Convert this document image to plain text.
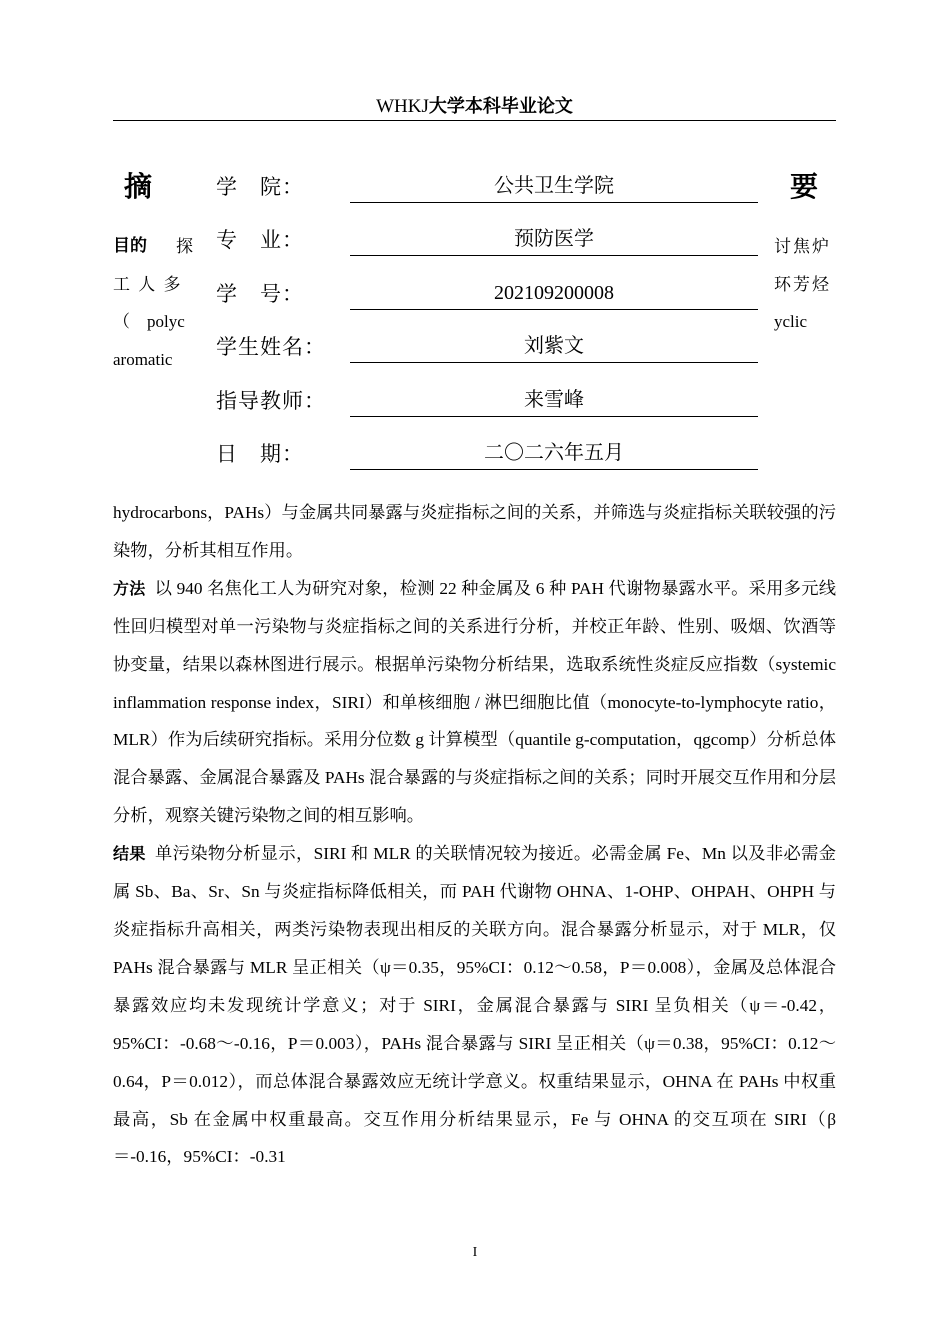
WHKJ大学本科毕业论文
摘	要
目的 探
工 人 多
（　polyc
aromatic
讨焦炉
环芳烃
yclic
学　院：	公共卫生学院
专　业：	预防医学
学　号：	202109200008
学生姓名：	刘紫文
指导教师：	来雪峰
日　期：	二〇二六年五月

hydrocarbons，PAHs）与金属共同暴露与炎症指标之间的关系，并筛选与炎症指标关联较强的污染物，分析其相互作用。

方法 以 940 名焦化工人为研究对象，检测 22 种金属及 6 种 PAH 代谢物暴露水平。采用多元线性回归模型对单一污染物与炎症指标之间的关系进行分析，并校正年龄、性别、吸烟、饮酒等协变量，结果以森林图进行展示。根据单污染物分析结果，选取系统性炎症反应指数（systemic inflammation response index，SIRI）和单核细胞 / 淋巴细胞比值（monocyte-to-lymphocyte ratio，MLR）作为后续研究指标。采用分位数 g 计算模型（quantile g-computation，qgcomp）分析总体混合暴露、金属混合暴露及 PAHs 混合暴露的与炎症指标之间的关系；同时开展交互作用和分层分析，观察关键污染物之间的相互影响。

结果 单污染物分析显示，SIRI 和 MLR 的关联情况较为接近。必需金属 Fe、Mn 以及非必需金属 Sb、Ba、Sr、Sn 与炎症指标降低相关，而 PAH 代谢物 OHNA、1-OHP、OHPAH、OHPH 与炎症指标升高相关，两类污染物表现出相反的关联方向。混合暴露分析显示，对于 MLR，仅 PAHs 混合暴露与 MLR 呈正相关（ψ＝0.35，95%CI：0.12～0.58，P＝0.008），金属及总体混合暴露效应均未发现统计学意义；对于 SIRI，金属混合暴露与 SIRI 呈负相关（ψ＝-0.42，95%CI：-0.68～-0.16，P＝0.003），PAHs 混合暴露与 SIRI 呈正相关（ψ＝0.38，95%CI：0.12～0.64，P＝0.012），而总体混合暴露效应无统计学意义。权重结果显示，OHNA 在 PAHs 中权重最高，Sb 在金属中权重最高。交互作用分析结果显示，Fe 与 OHNA 的交互项在 SIRI（β＝-0.16，95%CI：-0.31

I
